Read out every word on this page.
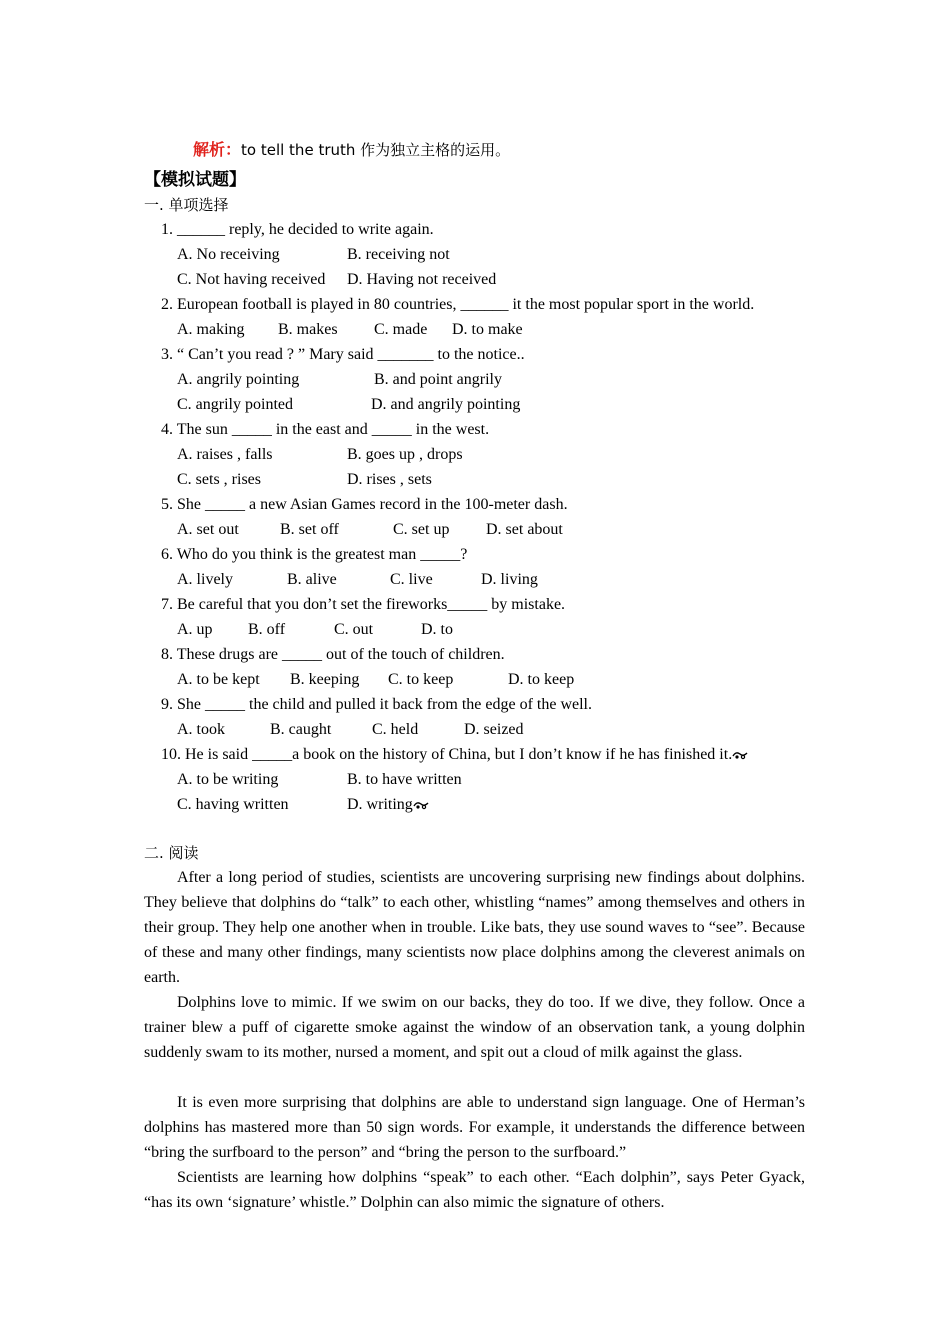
解析：to tell the truth 作为独立主格的运用。

【模拟试题】
一. 单项选择
1. ______ reply, he decided to write again.
A. No receiving	B. receiving not
C. Not having received D. Having not received
2. European football is played in 80 countries, ______ it the most popular sport in the world.
A. making B. makes C. made D. to make
3. “ Can’t you read ? ” Mary said _______ to the notice..
A. angrily pointing	B. and point angrily
C. angrily pointed	D. and angrily pointing
4. The sun _____ in the east and _____ in the west.
A. raises , falls	B. goes up , drops
C. sets , rises	D. rises , sets
5. She _____ a new Asian Games record in the 100-meter dash.
A. set out	B. set off	C. set up D. set about
6. Who do you think is the greatest man _____?
A. lively	B. alive	C. live	D. living
7. Be careful that you don’t set the fireworks_____ by mistake.
A. up B. off	C. out	D. to
8. These drugs are _____ out of the touch of children.
A. to be kept B. keeping C. to keep	D. to keep
9. She _____ the child and pulled it back from the edge of the well.
A. took	B. caught	C. held	D. seized
10. He is said _____a book on the history of China, but I don’t know if he has finished it.
A. to be writing	B. to have written
C. having written	D. writing
二. 阅读
After a long period of studies, scientists are uncovering surprising new findings about dolphins. They believe that dolphins do “talk” to each other, whistling “names” among themselves and others in their group. They help one another when in trouble. Like bats, they use sound waves to “see”. Because of these and many other findings, many scientists now place dolphins among the cleverest animals on earth.
Dolphins love to mimic. If we swim on our backs, they do too. If we dive, they follow. Once a trainer blew a puff of cigarette smoke against the window of an observation tank, a young dolphin suddenly swam to its mother, nursed a moment, and spit out a cloud of milk against the glass.
It is even more surprising that dolphins are able to understand sign language. One of Herman’s dolphins has mastered more than 50 sign words. For example, it understands the difference between “bring the surfboard to the person” and “bring the person to the surfboard.”
Scientists are learning how dolphins “speak” to each other. “Each dolphin”, says Peter Gyack, “has its own ‘signature’ whistle.” Dolphin can also mimic the signature of others.
